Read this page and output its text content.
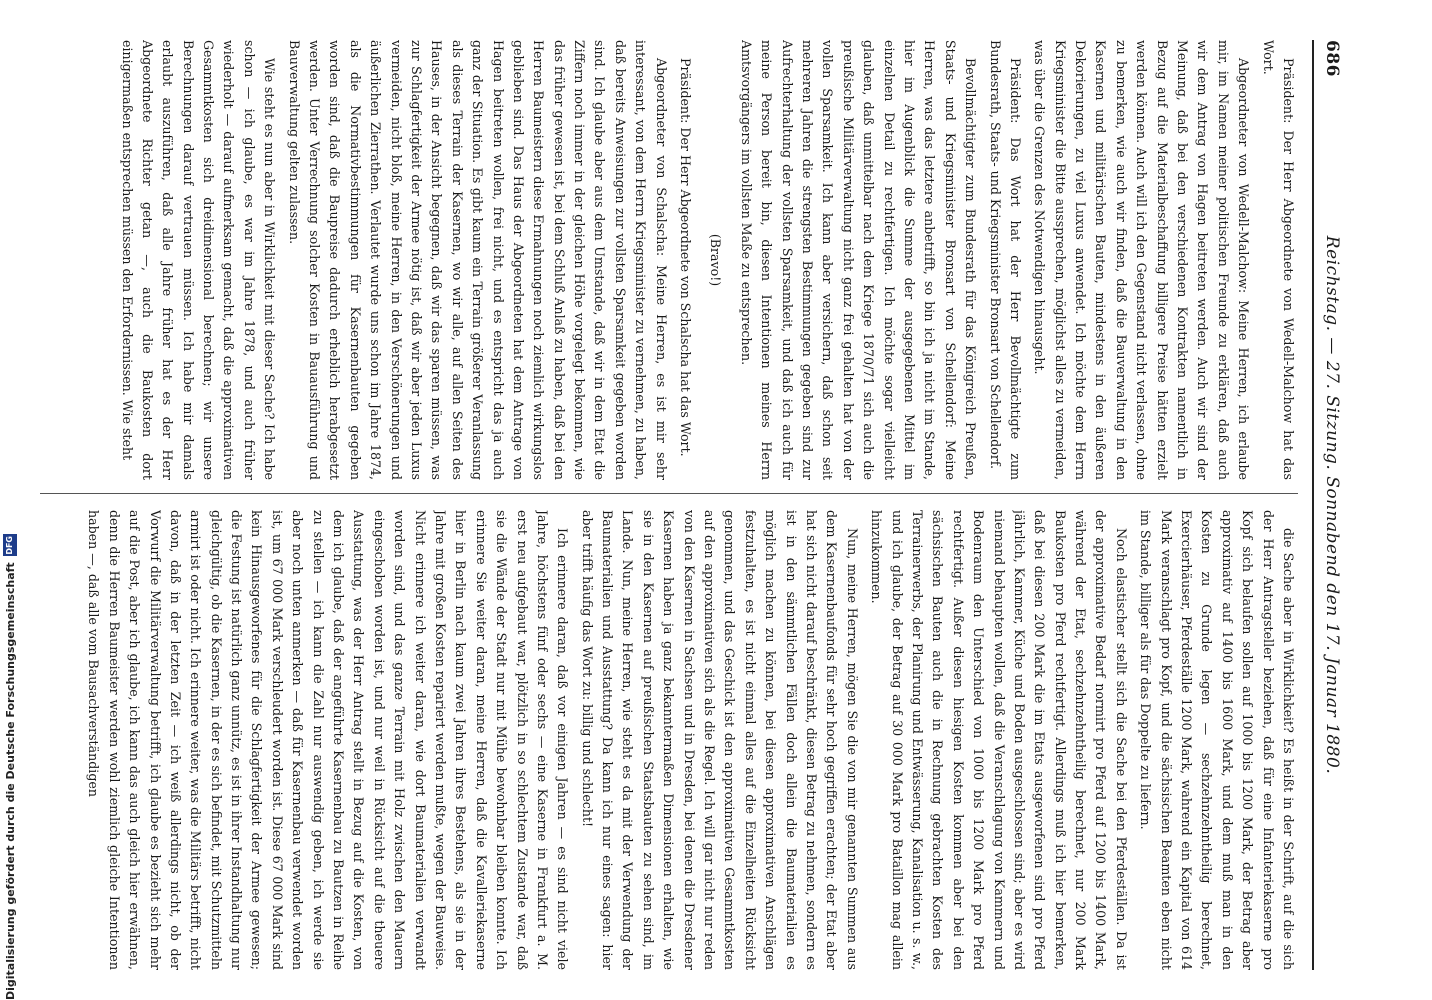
686
Reichstag. — 27. Sitzung. Sonnabend den 17. Januar 1880.

Präsident: Der Herr Abgeordnete von Wedell-Malchow hat das Wort.

Abgeordneter von Wedell-Malchow: Meine Herren, ich erlaube mir, im Namen meiner politischen Freunde zu erklären, daß auch wir dem Antrag von Hagen beitreten werden. Auch wir sind der Meinung, daß bei den verschiedenen Kontrakten namentlich in Bezug auf die Materialbeschaffung billigere Preise hätten erzielt werden können. Auch will ich den Gegenstand nicht verlassen, ohne zu bemerken, wie auch wir finden, daß die Bauverwaltung in den Kasernen und militärischen Bauten, mindestens in den äußeren Dekorierungen, zu viel Luxus anwendet. Ich möchte dem Herrn Kriegsminister die Bitte aussprechen, möglichst alles zu vermeiden, was über die Grenzen des Notwendigen hinausgeht.

Präsident: Das Wort hat der Herr Bevollmächtigte zum Bundesrath, Staats- und Kriegsminister Bronsart von Schellendorf.

Bevollmächtigter zum Bundesrath für das Königreich Preußen, Staats- und Kriegsminister Bronsart von Schellendorf: Meine Herren, was das letztere anbetrifft, so bin ich ja nicht im Stande, hier im Augenblick die Summe der ausgegebenen Mittel im einzelnen Detail zu rechtfertigen. Ich möchte sogar vielleicht glauben, daß unmittelbar nach dem Kriege 1870/71 sich auch die preußische Militärverwaltung nicht ganz frei gehalten hat von der vollen Sparsamkeit. Ich kann aber versichern, daß schon seit mehreren Jahren die strengsten Bestimmungen gegeben sind zur Aufrechterhaltung der vollsten Sparsamkeit, und daß ich auch für meine Person bereit bin, diesen Intentionen meines Herrn Amtsvorgängers im vollsten Maße zu entsprechen.

(Bravo!)

Präsident: Der Herr Abgeordnete von Schalscha hat das Wort.

Abgeordneter von Schalscha: Meine Herren, es ist mir sehr interessant, von dem Herrn Kriegsminister zu vernehmen, zu haben, daß bereits Anweisungen zur vollsten Sparsamkeit gegeben worden sind. Ich glaube aber aus dem Umstande, daß wir in dem Etat die Ziffern noch immer in der gleichen Höhe vorgelegt bekommen, wie das früher gewesen ist, bei dem Schluß Anlaß zu haben, daß bei den Herren Baumeistern diese Ermahnungen noch ziemlich wirkungslos geblieben sind. Das Haus der Abgeordneten hat dem Antrage von Hagen beitreten wollen, frei nicht, und es entspricht das ja auch ganz der Situation. Es gibt kaum ein Terrain größerer Veranlassung als dieses Terrain der Kasernen, wo wir alle, auf allen Seiten des Hauses, in der Ansicht begegnen, daß wir das sparen müssen, was zur Schlagfertigkeit der Armee nötig ist, daß wir aber jeden Luxus vermeiden, nicht bloß, meine Herren, in den Verschönerungen und äußerlichen Zierrathen. Verlautet wurde uns schon im Jahre 1874, als die Normativbestimmungen für Kasernenbauten gegeben worden sind, daß die Baupreise dadurch erheblich herabgesetzt werden. Unter Verrechnung solcher Kosten in Bauausführung und Bauverwaltung gelten zulassen.

Wie steht es nun aber in Wirklichkeit mit dieser Sache? Ich habe schon — ich glaube, es war im Jahre 1878, und auch früher wiederholt — darauf aufmerksam gemacht, daß die approximativen Gesammtkosten sich dreidimensional berechnen; wir unsere Berechnungen darauf vertrauen müssen. Ich habe mir damals erlaubt auszuführen, daß alle Jahre früher hat es der Herr Abgeordnete Richter getan —, auch die Baukosten dort einigermaßen entsprechen müssen den Erfordernissen. Wie steht

die Sache aber in Wirklichkeit? Es heißt in der Schrift, auf die sich der Herr Antragsteller beziehen, daß für eine Infanteriekaserne pro Kopf sich belaufen sollen auf 1000 bis 1200 Mark, der Betrag aber approximativ auf 1400 bis 1600 Mark, und dem muß man in den Kosten zu Grunde legen — sechzehnzehntheilig berechnet, Exercierhäuser, Pferdeställe 1200 Mark, wahrend ein Kapital von 614 Mark veranschlagt pro Kopf, und die sächsischen Beamten eben nicht im Stande, billiger als für das Doppelte zu liefern.

Noch elastischer stellt sich die Sache bei den Pferdeställen. Da ist der approximative Bedarf normirt pro Pferd auf 1200 bis 1400 Mark, während der Etat, sechzehnzehntheilig berechnet, nur 200 Mark Baukosten pro Pferd rechtfertigt. Allerdings muß ich hier bemerken, daß bei diesen 200 Mark die im Etats ausgeworfenen sind pro Pferd jährlich, Kammer, Küche und Boden ausgeschlossen sind; aber es wird niemand behaupten wollen, daß die Veranschlagung von Kammern und Bodenraum den Unterschied von 1000 bis 1200 Mark pro Pferd rechtfertigt. Außer diesen hiesigen Kosten kommen aber bei den sächsischen Bauten auch die in Rechnung gebrachten Kosten des Terrainerwerbs, der Planirung und Entwässerung, Kanalisation u. s. w., und ich glaube, der Betrag auf 30 000 Mark pro Bataillon mag allein hinzukommen.

Nun, meine Herren, mögen Sie die von mir genannten Summen aus dem Kasernenbaufonds für sehr hoch gegriffen erachten; der Etat aber hat sich nicht darauf beschränkt, diesen Betrag zu nehmen, sondern es ist in den sämmtlichen Fällen doch allein die Baumaterialien es möglich machen zu können, bei diesen approximativen Anschlägen festzuhalten, es ist nicht einmal alles auf die Einzelheiten Rücksicht genommen, und das Geschick ist den approximativen Gesammtkosten auf den approximativen sich als die Regel. Ich will gar nicht nur reden von den Kasernen in Sachsen und in Dresden, bei denen die Dresdener Kasernen haben ja ganz bekanntermaßen Dimensionen erhalten, wie sie in den Kasernen auf preußischen Staatsbauten zu sehen sind, im Lande. Nun, meine Herren, wie steht es da mit der Verwendung der Baumaterialien und Ausstattung? Da kann ich nur eines sagen: hier aber trifft häufig das Wort zu: billig und schlecht!

Ich erinnere daran, daß vor einigen Jahren — es sind nicht viele Jahre, höchstens fünf oder sechs — eine Kaserne in Frankfurt a. M. erst neu aufgebaut war, plötzlich in so schlechtem Zustande war, daß sie die Wände der Stadt nur mit Mühe bewohnbar bleiben konnte. Ich erinnere Sie weiter daran, meine Herren, daß die Kavalleriekaserne hier in Berlin nach kaum zwei Jahren ihres Bestehens, als sie in der Jahre mit großen Kosten repariert werden mußte, wegen der Bauweise. Nicht erinnere ich weiter daran, wie dort Baumaterialien verwandt worden sind, und das ganze Terrain mit Holz zwischen den Mauern eingeschoben worden ist, und nur weil in Rücksicht auf die theuere Ausstattung, was der Herr Antrag stellt in Bezug auf die Kosten, von dem ich glaube, daß der angeführte Kasernenbau zu Bautzen in Reihe zu stellen — ich kann die Zahl nur auswendig geben, ich werde sie aber noch unten anmerken — daß für Kasernenbau verwendet worden ist, um 67 000 Mark verschleudert worden ist. Diese 67 000 Mark sind kein Hinausgeworfenes für die Schlagfertigkeit der Armee gewesen; die Festung ist natürlich ganz unnütz, es ist in ihrer Instandhaltung nur gleichgültig, ob die Kasernen, in der es sich befindet, mit Schutzmitteln armirt ist oder nicht. Ich erinnere weiter, was die Militärs betrifft, nicht davon, daß in der letzten Zeit — ich weiß allerdings nicht, ob der Vorwurf die Militärverwaltung betrifft, ich glaube es bezieht sich mehr auf die Post, aber ich glaube, ich kann das auch gleich hier erwähnen, denn die Herren Baumeister werden wohl ziemlich gleiche Intentionen haben —, daß alle vom Bausachverständigen

Digitalisierung gefördert durch die Deutsche Forschungsgemeinschaft
DFG
